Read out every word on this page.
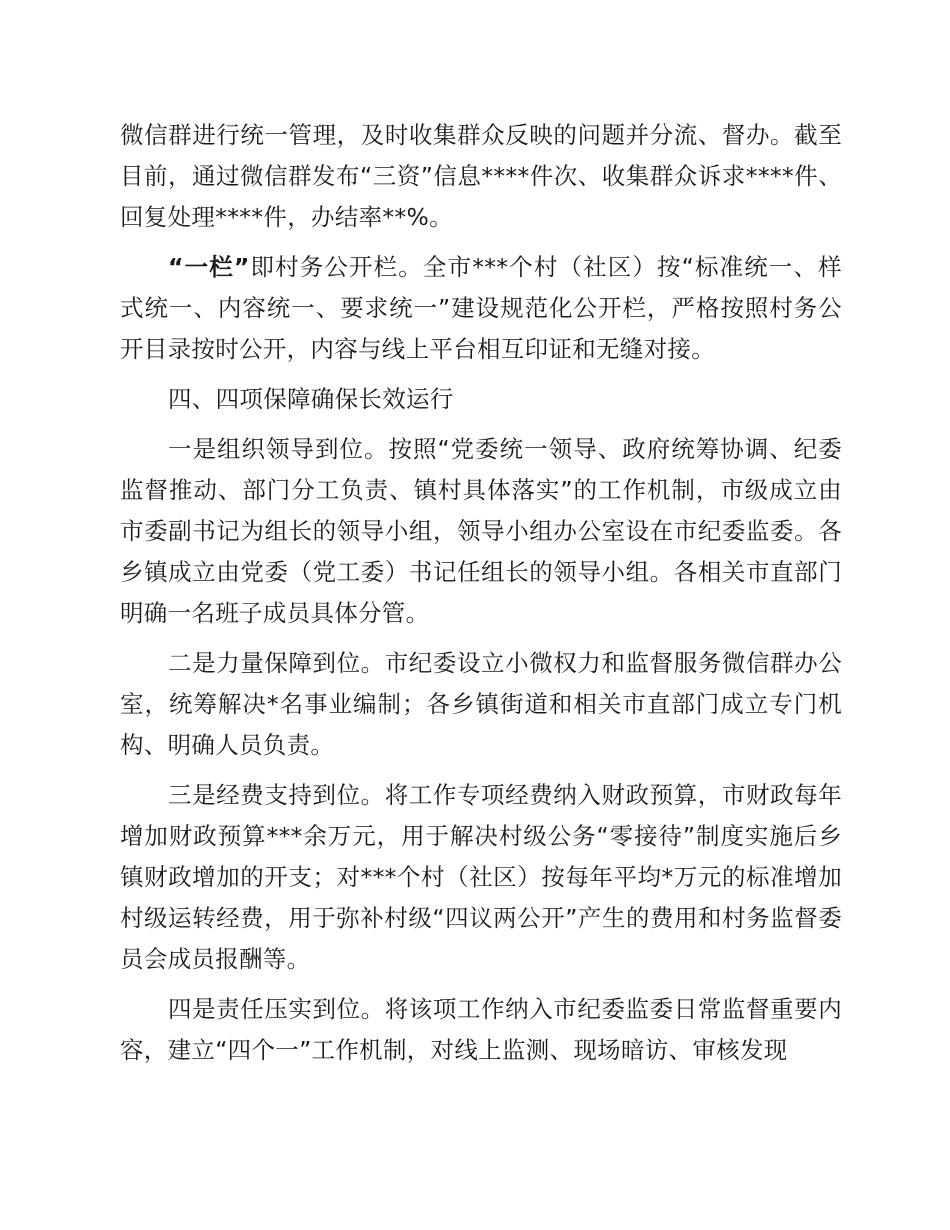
微信群进行统一管理，及时收集群众反映的问题并分流、督办。截至目前，通过微信群发布“三资”信息****件次、收集群众诉求****件、回复处理****件，办结率**%。

“一栏”即村务公开栏。全市***个村（社区）按“标准统一、样式统一、内容统一、要求统一”建设规范化公开栏，严格按照村务公开目录按时公开，内容与线上平台相互印证和无缝对接。

四、四项保障确保长效运行

一是组织领导到位。按照“党委统一领导、政府统筹协调、纪委监督推动、部门分工负责、镇村具体落实”的工作机制，市级成立由市委副书记为组长的领导小组，领导小组办公室设在市纪委监委。各乡镇成立由党委（党工委）书记任组长的领导小组。各相关市直部门明确一名班子成员具体分管。

二是力量保障到位。市纪委设立小微权力和监督服务微信群办公室，统筹解决*名事业编制；各乡镇街道和相关市直部门成立专门机构、明确人员负责。

三是经费支持到位。将工作专项经费纳入财政预算，市财政每年增加财政预算***余万元，用于解决村级公务“零接待”制度实施后乡镇财政增加的开支；对***个村（社区）按每年平均*万元的标准增加村级运转经费，用于弥补村级“四议两公开”产生的费用和村务监督委员会成员报酬等。

四是责任压实到位。将该项工作纳入市纪委监委日常监督重要内容，建立“四个一”工作机制，对线上监测、现场暗访、审核发现
